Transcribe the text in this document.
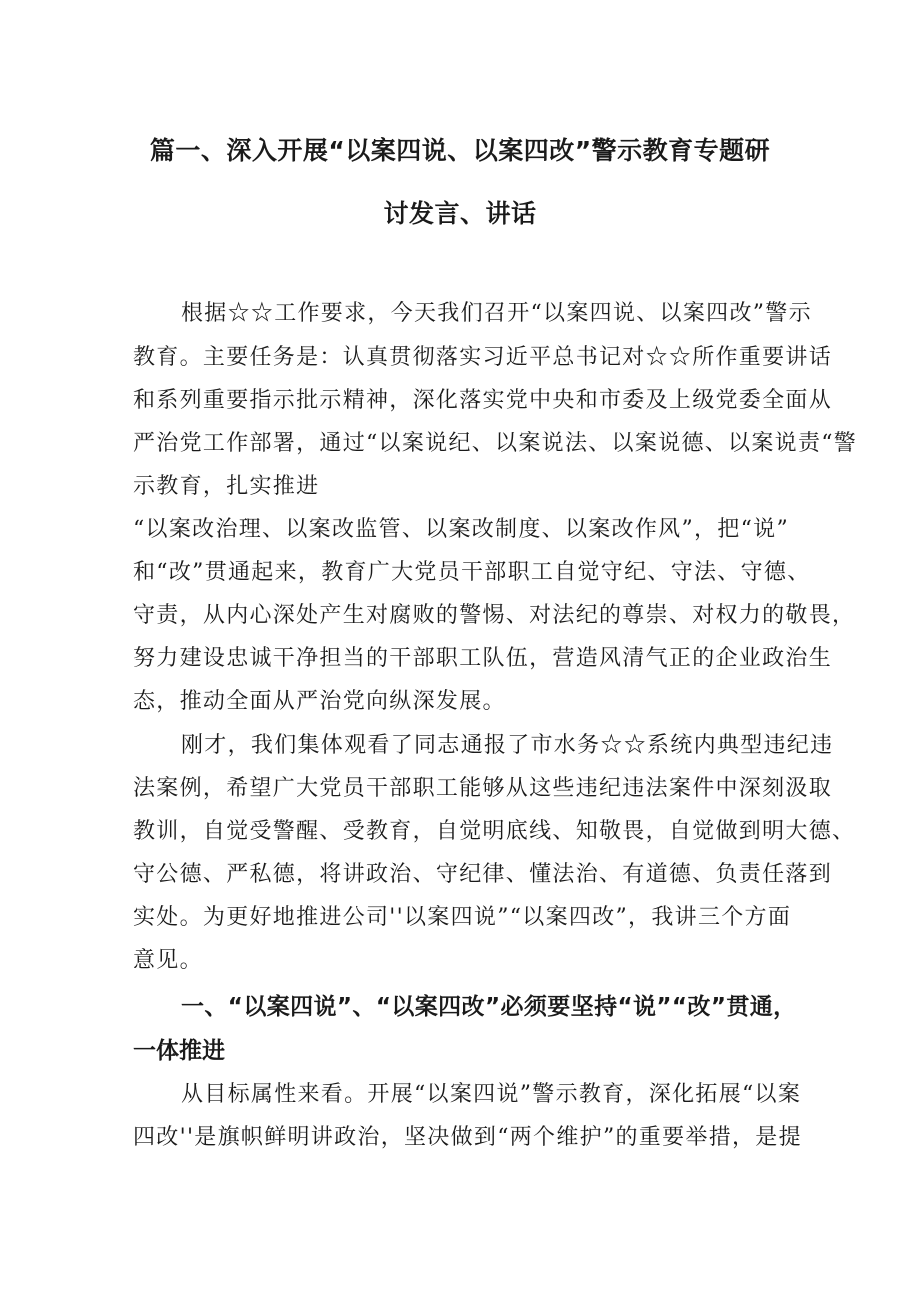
篇一、深入开展“以案四说、以案四改”警示教育专题研
讨发言、讲话
根据☆☆工作要求，今天我们召开“以案四说、以案四改”警示
教育。主要任务是：认真贯彻落实习近平总书记对☆☆所作重要讲话
和系列重要指示批示精神，深化落实党中央和市委及上级党委全面从
严治党工作部署，通过“以案说纪、以案说法、以案说德、以案说责“警
示教育，扎实推进
“以案改治理、以案改监管、以案改制度、以案改作风”，把“说”
和“改”贯通起来，教育广大党员干部职工自觉守纪、守法、守德、
守责，从内心深处产生对腐败的警惕、对法纪的尊崇、对权力的敬畏，
努力建设忠诚干净担当的干部职工队伍，营造风清气正的企业政治生
态，推动全面从严治党向纵深发展。
刚才，我们集体观看了同志通报了市水务☆☆系统内典型违纪违
法案例，希望广大党员干部职工能够从这些违纪违法案件中深刻汲取
教训，自觉受警醒、受教育，自觉明底线、知敬畏，自觉做到明大德、
守公德、严私德，将讲政治、守纪律、懂法治、有道德、负责任落到
实处。为更好地推进公司''以案四说”“以案四改”，我讲三个方面
意见。
一、“以案四说”、“以案四改”必须要坚持“说”“改”贯通，
一体推进
从目标属性来看。开展“以案四说”警示教育，深化拓展“以案
四改''是旗帜鲜明讲政治，坚决做到“两个维护”的重要举措，是提
